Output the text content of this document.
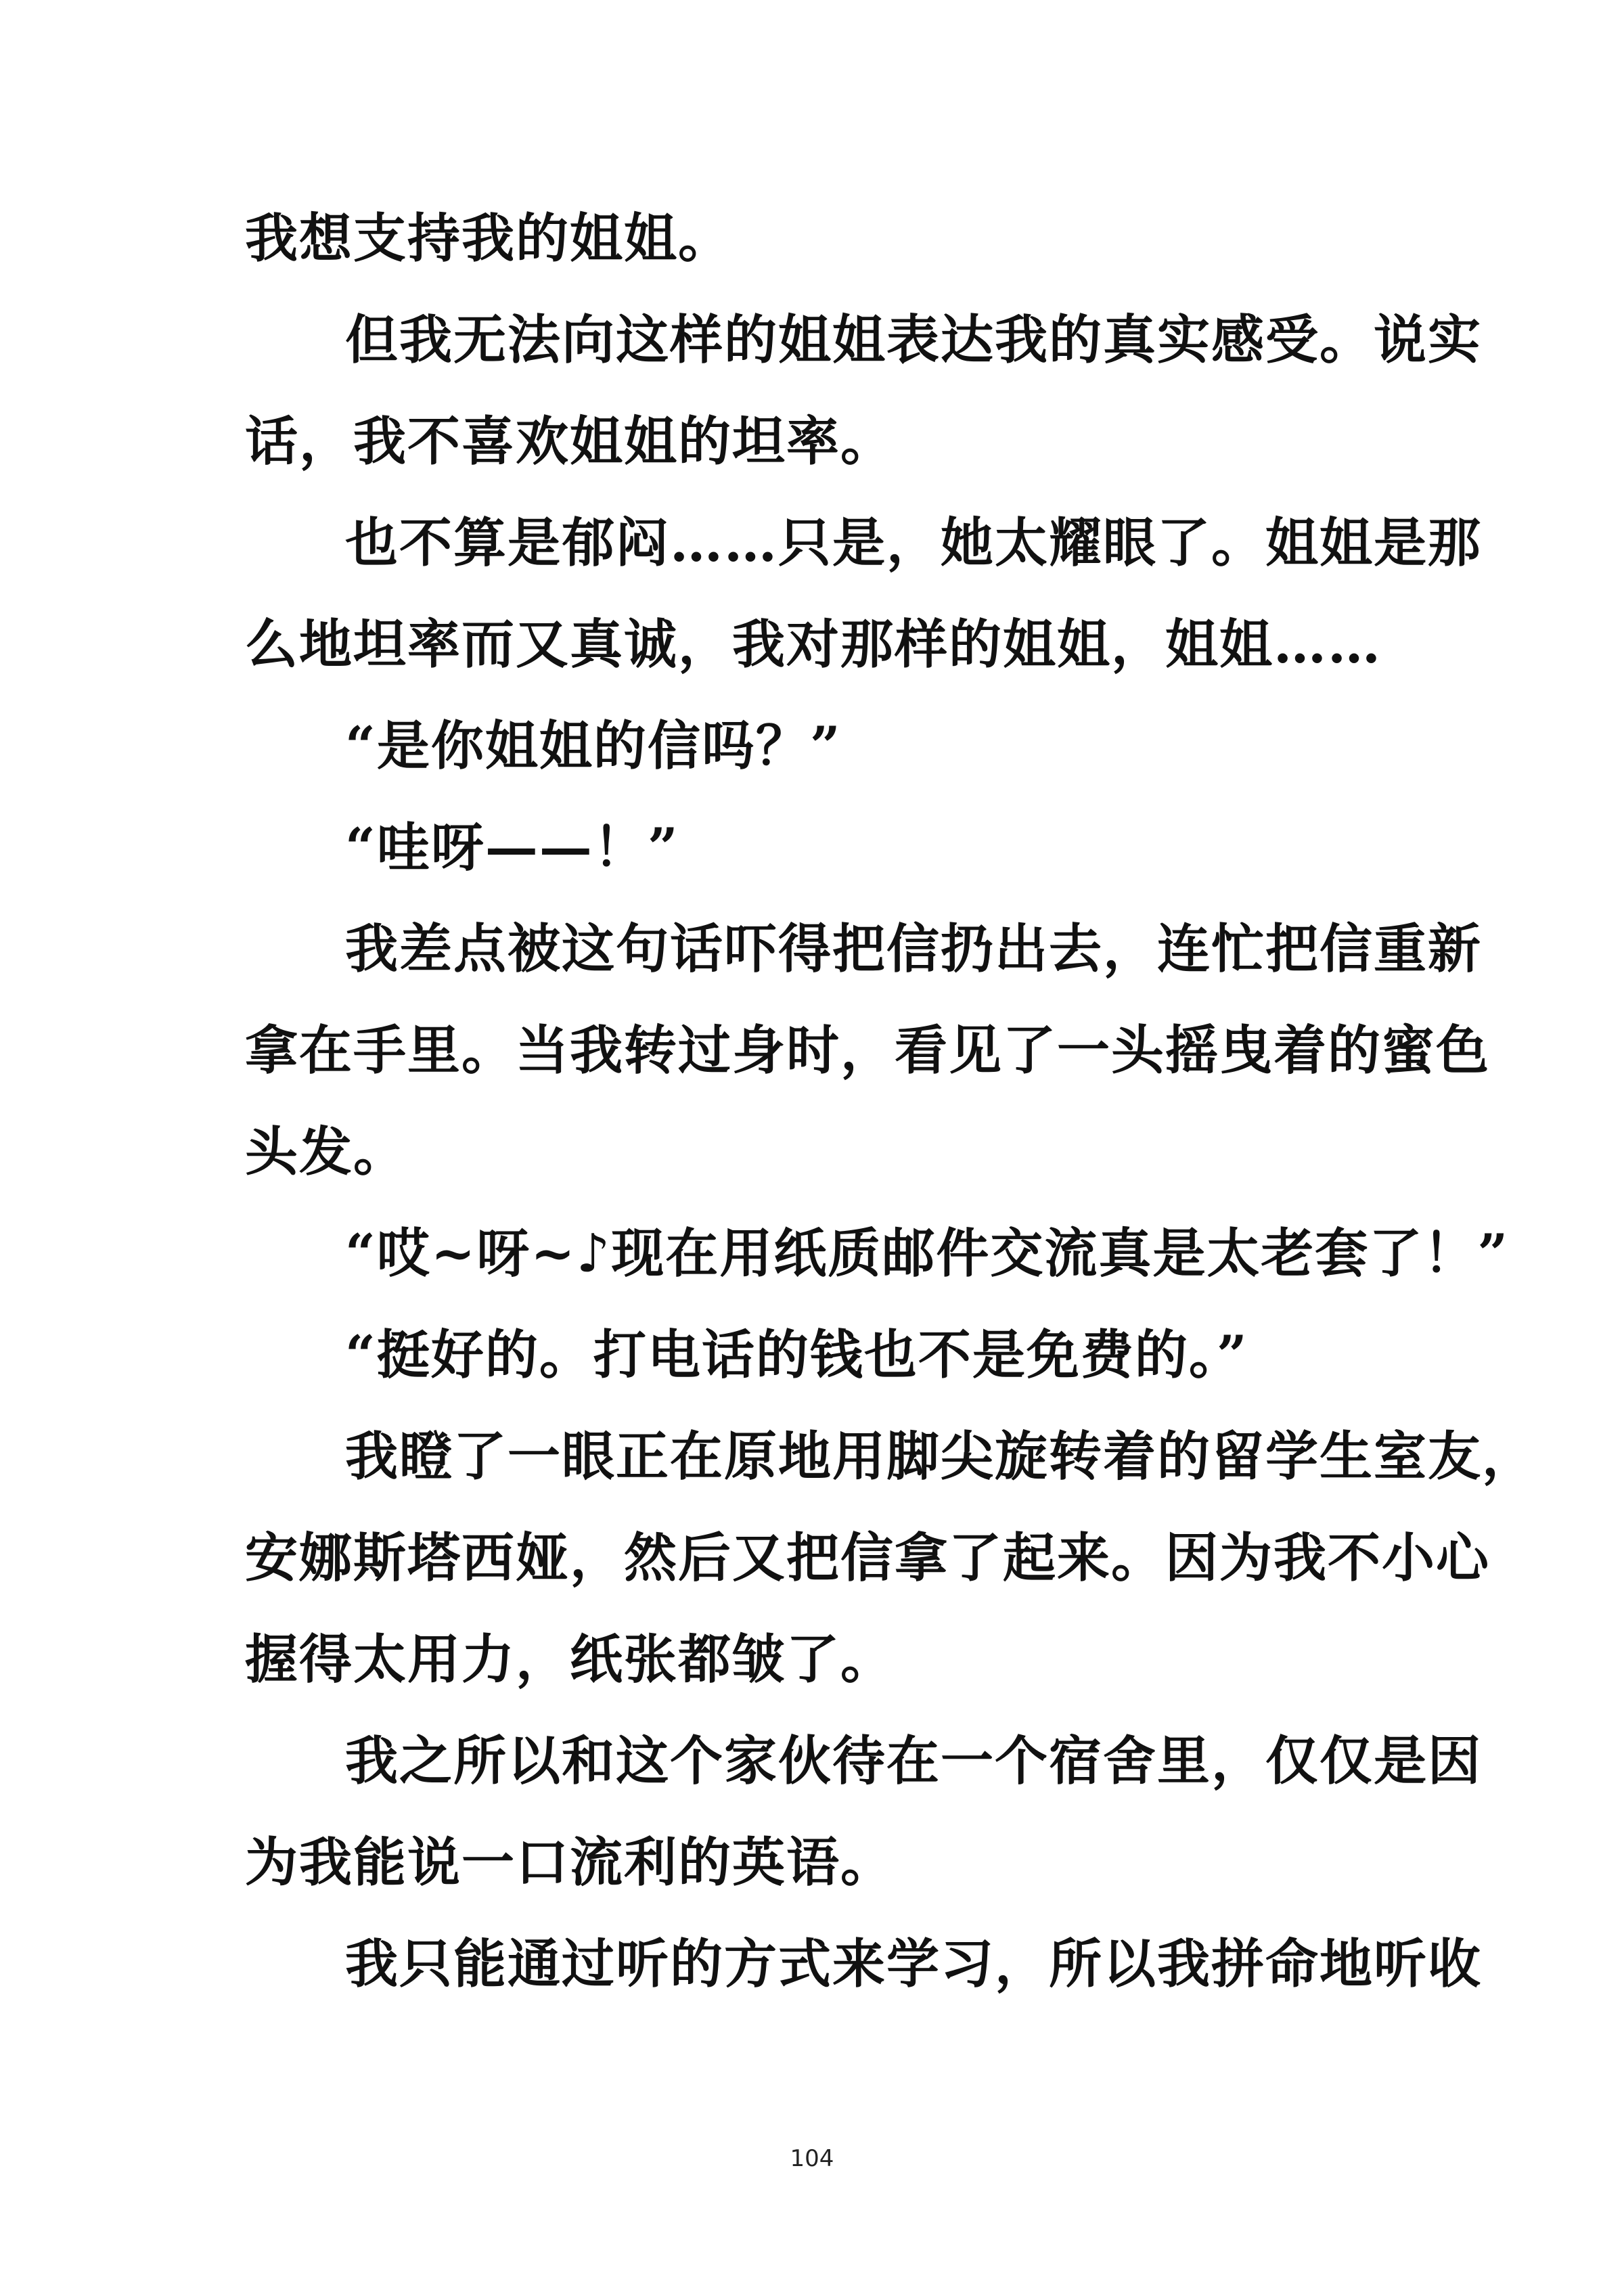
我想支持我的姐姐。
但我无法向这样的姐姐表达我的真实感受。说实
话，我不喜欢姐姐的坦率。
也不算是郁闷……只是，她太耀眼了。姐姐是那
么地坦率而又真诚，我对那样的姐姐，姐姐……
“是你姐姐的信吗？”
“哇呀——！”
我差点被这句话吓得把信扔出去，连忙把信重新
拿在手里。当我转过身时，看见了一头摇曳着的蜜色
头发。
“哎~呀~♪现在用纸质邮件交流真是太老套了！”
“挺好的。打电话的钱也不是免费的。”
我瞪了一眼正在原地用脚尖旋转着的留学生室友，
安娜斯塔西娅，然后又把信拿了起来。因为我不小心
握得太用力，纸张都皱了。
我之所以和这个家伙待在一个宿舍里，仅仅是因
为我能说一口流利的英语。
我只能通过听的方式来学习，所以我拼命地听收
104
